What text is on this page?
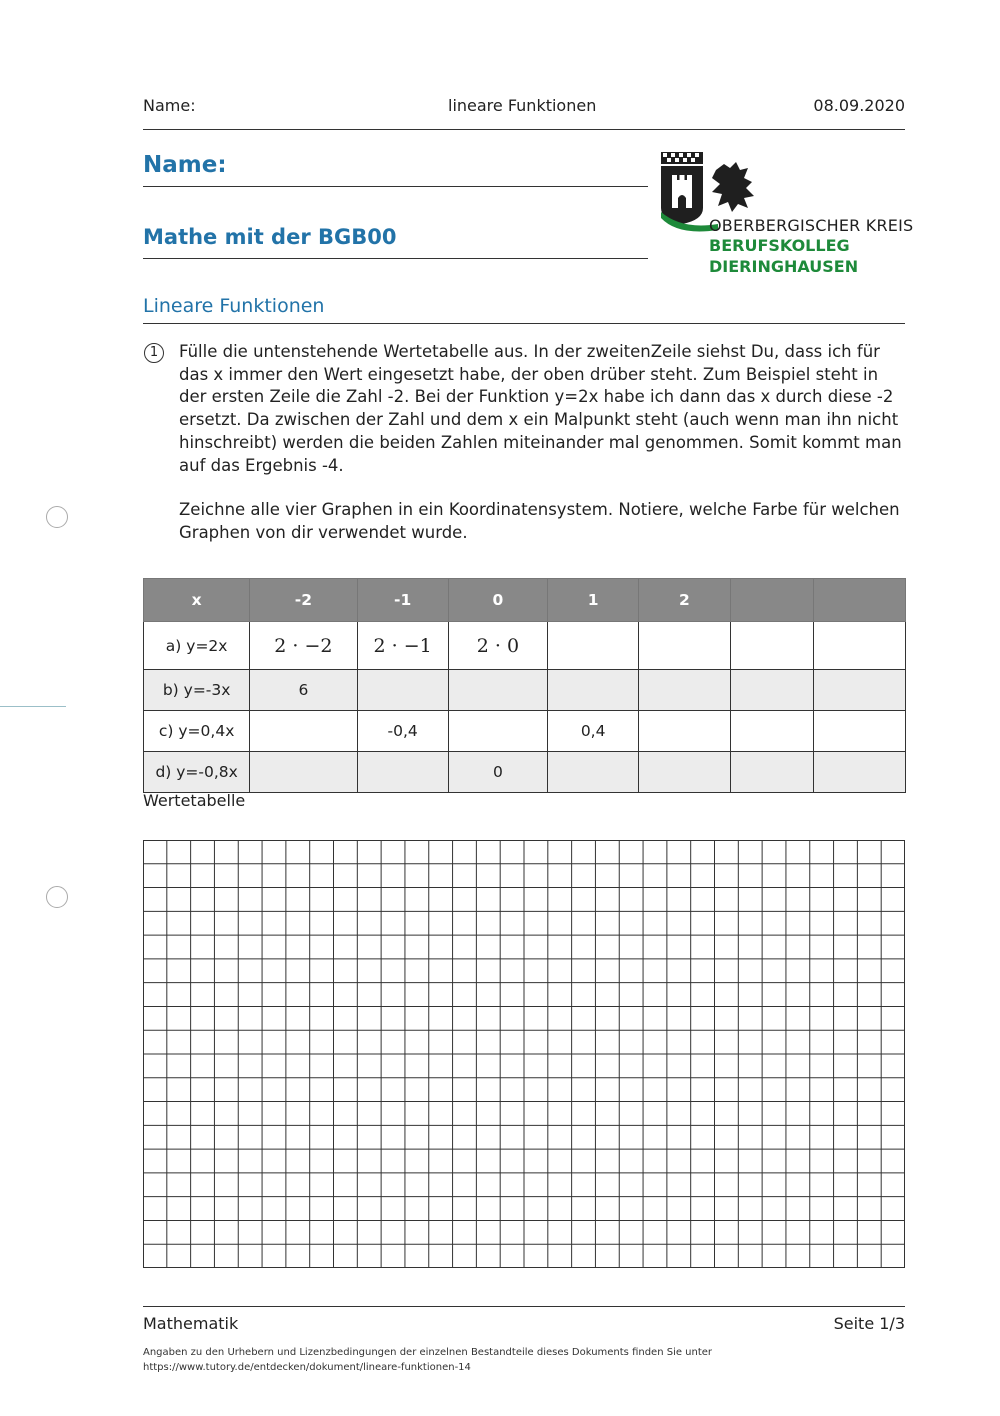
Name:	lineare Funktionen	08.09.2020
Name:
Mathe mit der BGB00	OBERBERGISCHER KREIS
BERUFSKOLLEG
DIERINGHAUSEN
Lineare Funktionen
1	Fülle die untenstehende Wertetabelle aus. In der zweitenZeile siehst Du, dass ich für das x immer den Wert eingesetzt habe, der oben drüber steht. Zum Beispiel steht in der ersten Zeile die Zahl -2. Bei der Funktion y=2x habe ich dann das x durch diese -2 ersetzt. Da zwischen der Zahl und dem x ein Malpunkt steht (auch wenn man ihn nicht hinschreibt) werden die beiden Zahlen miteinander mal genommen. Somit kommt man auf das Ergebnis -4.
Zeichne alle vier Graphen in ein Koordinatensystem. Notiere, welche Farbe für welchen Graphen von dir verwendet wurde.
x	-2	-1	0	1	2		
a) y=2x	2 · −2	2 · −1	2 · 0				
b) y=-3x	6						
c) y=0,4x		-0,4		0,4			
d) y=-0,8x			0				
Wertetabelle
Mathematik	Seite 1/3
Angaben zu den Urhebern und Lizenzbedingungen der einzelnen Bestandteile dieses Dokuments finden Sie unter
https://www.tutory.de/entdecken/dokument/lineare-funktionen-14
